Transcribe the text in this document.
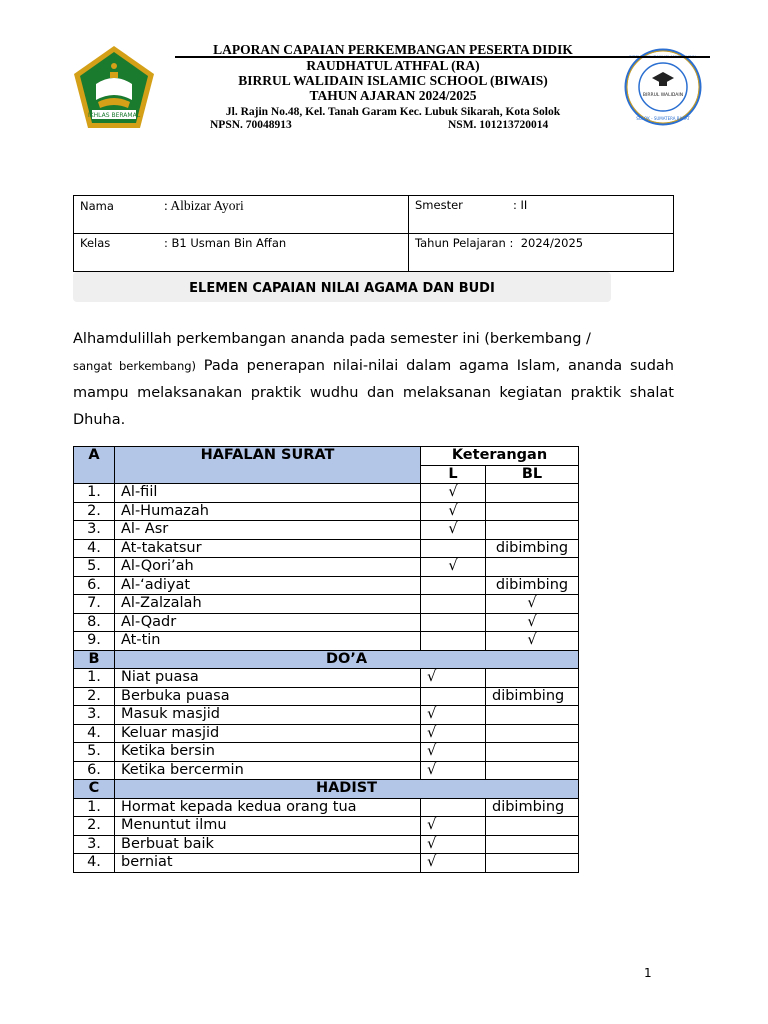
IKHLAS BERAMAL
BIRRUL WALIDAIN
BIRRUL WALIDAIN ISLAMIC SCHOOL
SOLOK - SUMATERA BARAT
LAPORAN CAPAIAN PERKEMBANGAN PESERTA DIDIK
RAUDHATUL ATHFAL (RA)
BIRRUL WALIDAIN ISLAMIC SCHOOL (BIWAIS)
TAHUN AJARAN 2024/2025
Jl. Rajin No.48, Kel. Tanah Garam Kec. Lubuk Sikarah, Kota Solok
NPSN. 70048913	NSM. 101213720014
Nama : Albizar Ayori	Smester : II
Kelas : B1 Usman Bin Affan	Tahun Pelajaran : 2024/2025
ELEMEN CAPAIAN NILAI AGAMA DAN BUDI

Alhamdulillah perkembangan ananda pada semester ini (berkembang /
sangat berkembang) Pada penerapan nilai-nilai dalam agama Islam, ananda sudah mampu melaksanakan praktik wudhu dan melaksanan kegiatan praktik shalat Dhuha.

A	HAFALAN SURAT	Keterangan	
		L	BL
1.	Al-fiil	√	
2.	Al-Humazah	√	
3.	Al- Asr	√	
4.	At-takatsur		dibimbing
5.	Al-Qori’ah	√	
6.	Al-‘adiyat		dibimbing
7.	Al-Zalzalah		√
8.	Al-Qadr		√
9.	At-tin		√
B	DO’A		
1.	Niat puasa	√	
2.	Berbuka puasa		dibimbing
3.	Masuk masjid	√	
4.	Keluar masjid	√	
5.	Ketika bersin	√	
6.	Ketika bercermin	√	
C	HADIST		
1.	Hormat kepada kedua orang tua		dibimbing
2.	Menuntut ilmu	√	
3.	Berbuat baik	√	
4.	berniat	√	
1
